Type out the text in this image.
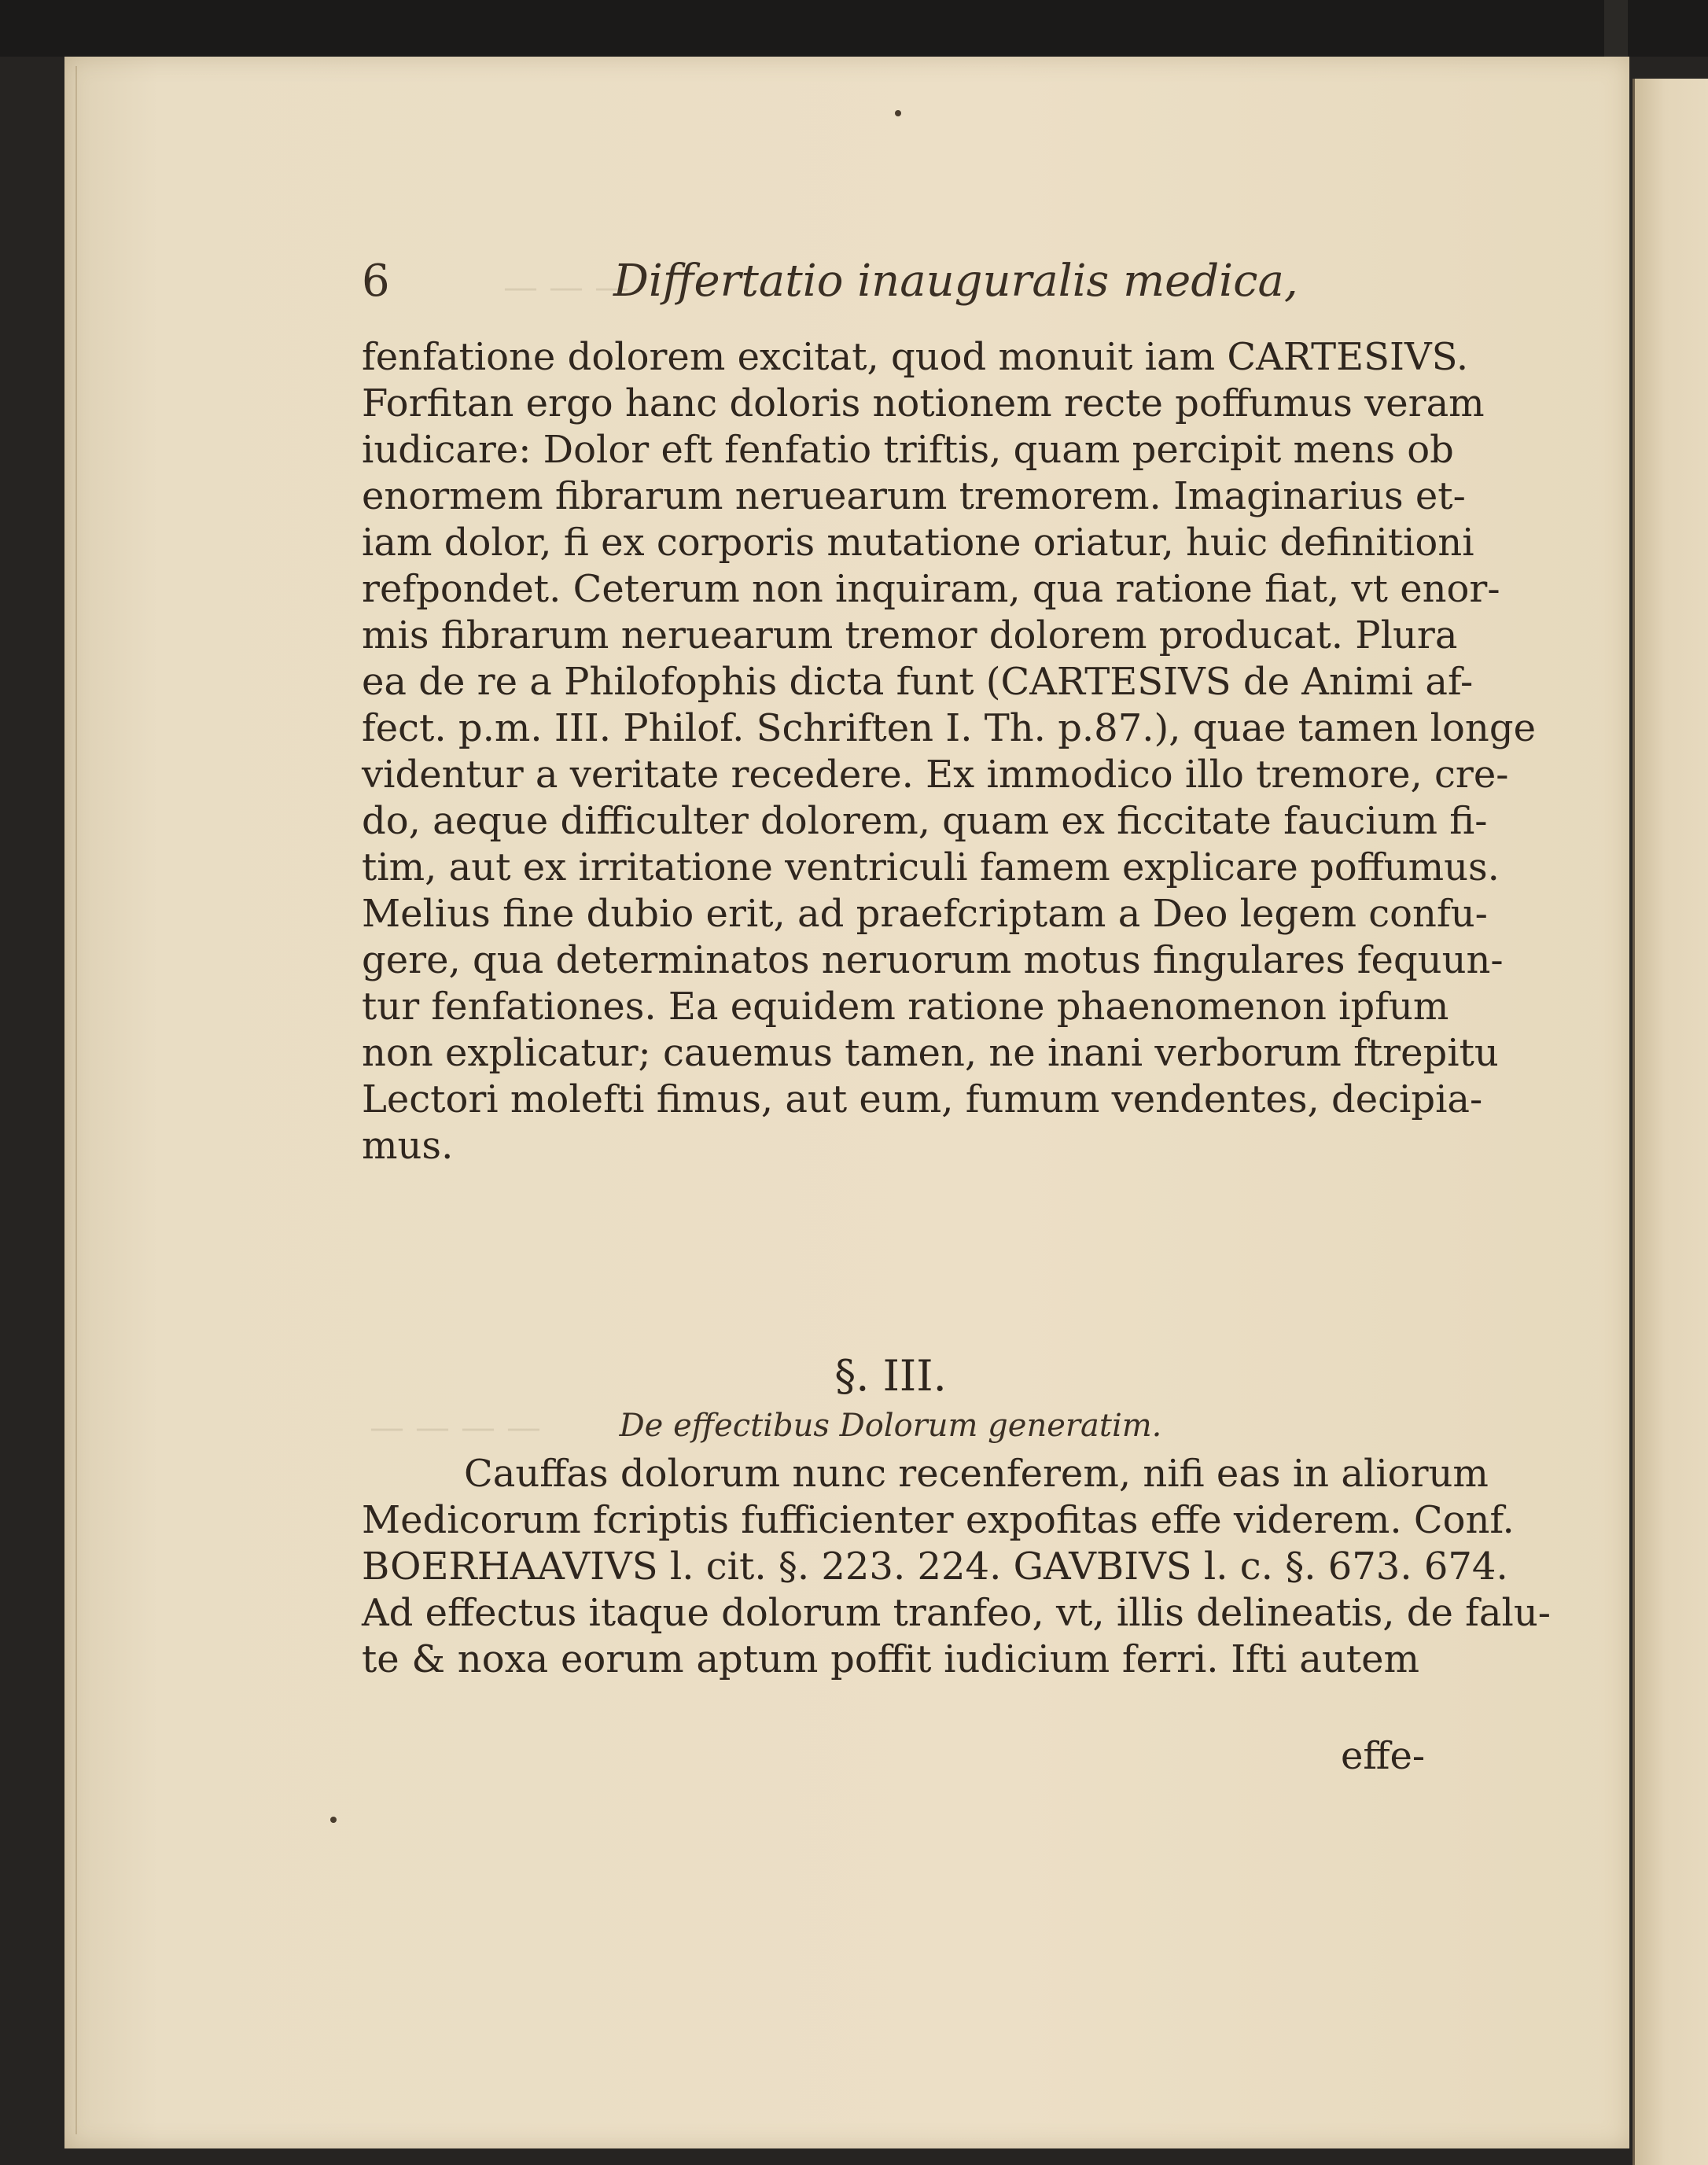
— — —
— — — —
6	Differtatio inauguralis medica,
fenfatione dolorem excitat, quod monuit iam CARTESIVS.
Forfitan ergo hanc doloris notionem recte poffumus veram
iudicare: Dolor eft fenfatio triftis, quam percipit mens ob
enormem fibrarum neruearum tremorem. Imaginarius et-
iam dolor, fi ex corporis mutatione oriatur, huic definitioni
refpondet. Ceterum non inquiram, qua ratione fiat, vt enor-
mis fibrarum neruearum tremor dolorem producat. Plura
ea de re a Philofophis dicta funt (CARTESIVS de Animi af-
fect. p.m. III. Philof. Schriften I. Th. p.87.), quae tamen longe
videntur a veritate recedere. Ex immodico illo tremore, cre-
do, aeque difficulter dolorem, quam ex ficcitate faucium fi-
tim, aut ex irritatione ventriculi famem explicare poffumus.
Melius fine dubio erit, ad praefcriptam a Deo legem confu-
gere, qua determinatos neruorum motus fingulares fequun-
tur fenfationes. Ea equidem ratione phaenomenon ipfum
non explicatur; cauemus tamen, ne inani verborum ftrepitu
Lectori molefti fimus, aut eum, fumum vendentes, decipia-
mus.
§. III.
De effectibus Dolorum generatim.
Cauffas dolorum nunc recenferem, nifi eas in aliorum
Medicorum fcriptis fufficienter expofitas effe viderem. Conf.
BOERHAAVIVS l. cit. §. 223. 224. GAVBIVS l. c. §. 673. 674.
Ad effectus itaque dolorum tranfeo, vt, illis delineatis, de falu-
te & noxa eorum aptum poffit iudicium ferri. Ifti autem
effe-
